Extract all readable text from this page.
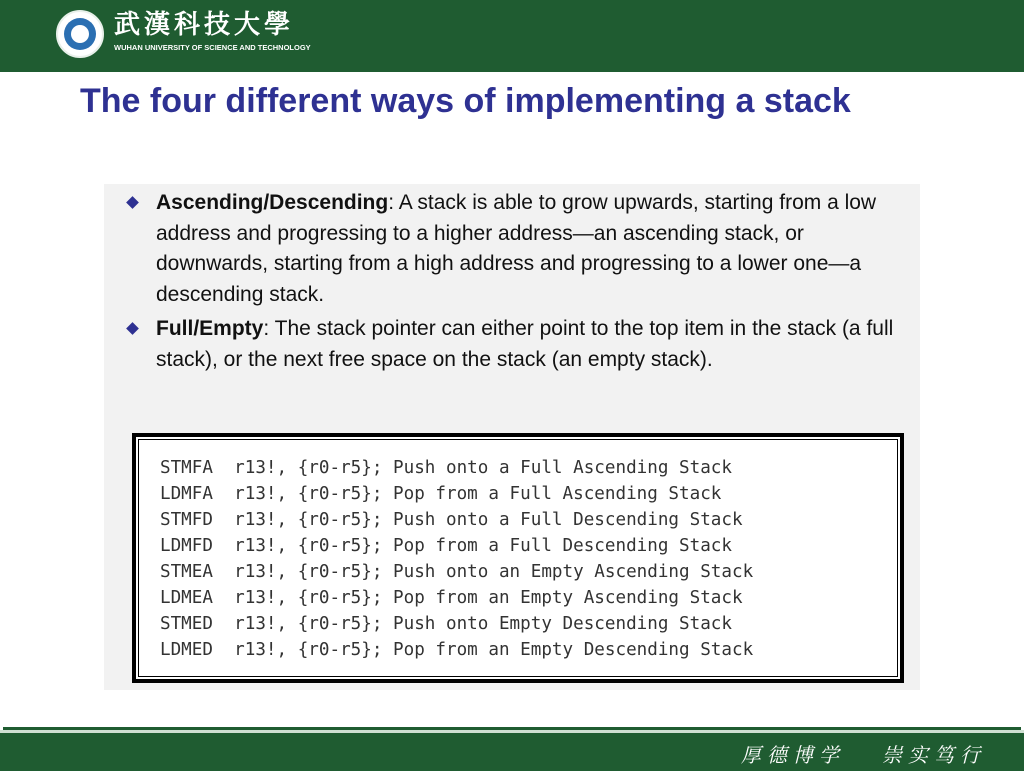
武漢科技大學
WUHAN UNIVERSITY OF SCIENCE AND TECHNOLOGY
The four different ways of implementing a stack
Ascending/Descending: A stack is able to grow upwards, starting from a low address and progressing to a higher address—an ascending stack, or downwards, starting from a high address and progressing to a lower one—a descending stack.
Full/Empty: The stack pointer can either point to the top item in the stack (a full stack), or the next free space on the stack (an empty stack).
STMFA  r13!, {r0-r5}; Push onto a Full Ascending Stack
LDMFA  r13!, {r0-r5}; Pop from a Full Ascending Stack
STMFD  r13!, {r0-r5}; Push onto a Full Descending Stack
LDMFD  r13!, {r0-r5}; Pop from a Full Descending Stack
STMEA  r13!, {r0-r5}; Push onto an Empty Ascending Stack
LDMEA  r13!, {r0-r5}; Pop from an Empty Ascending Stack
STMED  r13!, {r0-r5}; Push onto Empty Descending Stack
LDMED  r13!, {r0-r5}; Pop from an Empty Descending Stack
厚德博学   崇实笃行
